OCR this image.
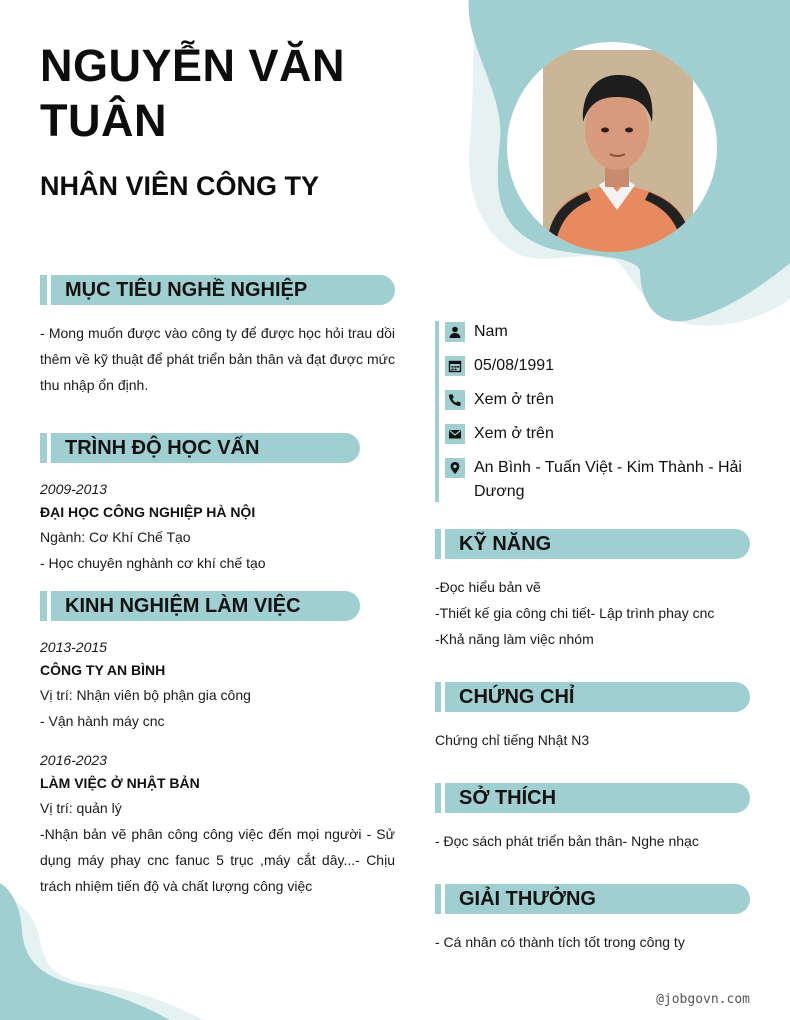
NGUYỄN VĂN TUÂN
NHÂN VIÊN CÔNG TY
MỤC TIÊU NGHỀ NGHIỆP
- Mong muốn được vào công ty để được học hỏi trau dồi thêm về kỹ thuật để phát triển bản thân và đạt được mức thu nhập ổn định.
TRÌNH ĐỘ HỌC VẤN
2009-2013
ĐẠI HỌC CÔNG NGHIỆP HÀ NỘI
Ngành: Cơ Khí Chế Tạo
- Học chuyên nghành cơ khí chế tạo
KINH NGHIỆM LÀM VIỆC
2013-2015
CÔNG TY AN BÌNH
Vị trí: Nhận viên bộ phận gia công
- Vận hành máy cnc
2016-2023
LÀM VIỆC Ở NHẬT BẢN
Vị trí: quản lý
-Nhận bản vẽ phân công công việc đến mọi người - Sử dụng máy phay cnc fanuc 5 trục ,máy cắt dây...- Chịu trách nhiệm tiến độ và chất lượng công việc
Nam
05/08/1991
Xem ở trên
Xem ở trên
An Bình - Tuấn Việt - Kim Thành - Hải Dương
KỸ NĂNG
-Đọc hiểu bản vẽ
-Thiết kế gia công chi tiết- Lập trình phay cnc
-Khả năng làm việc nhóm
CHỨNG CHỈ
Chứng chỉ tiếng Nhật N3
SỞ THÍCH
- Đọc sách phát triển bản thân- Nghe nhạc
GIẢI THƯỞNG
- Cá nhân có thành tích tốt trong công ty
@jobgovn.com
